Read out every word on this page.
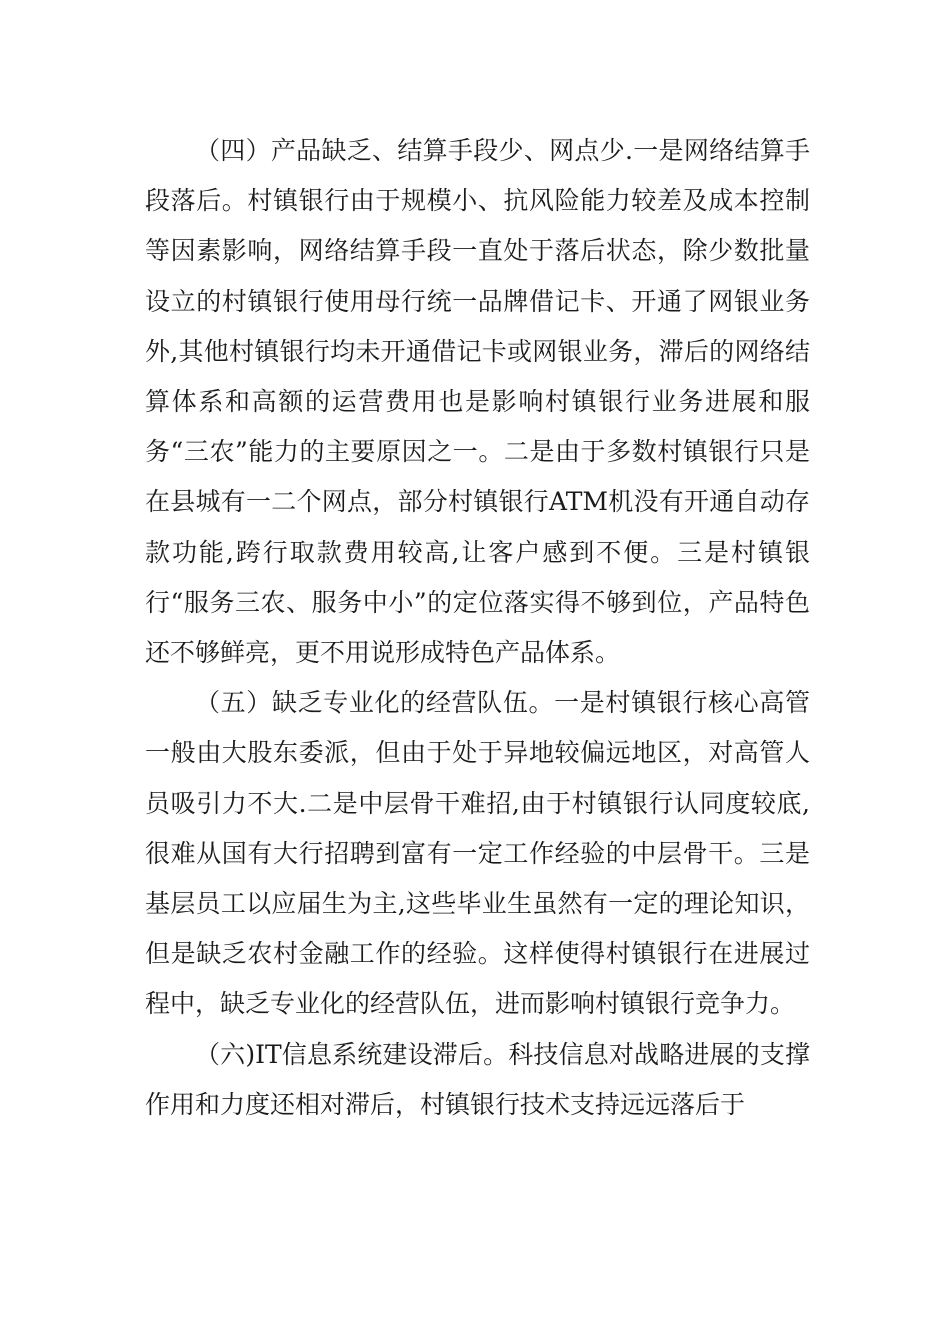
（四）产品缺乏、结算手段少、网点少.一是网络结算手段落后。村镇银行由于规模小、抗风险能力较差及成本控制等因素影响，网络结算手段一直处于落后状态，除少数批量设立的村镇银行使用母行统一品牌借记卡、开通了网银业务外,其他村镇银行均未开通借记卡或网银业务，滞后的网络结算体系和高额的运营费用也是影响村镇银行业务进展和服务“三农”能力的主要原因之一。二是由于多数村镇银行只是在县城有一二个网点，部分村镇银行ATM机没有开通自动存款功能,跨行取款费用较高,让客户感到不便。三是村镇银行“服务三农、服务中小”的定位落实得不够到位，产品特色还不够鲜亮，更不用说形成特色产品体系。

（五）缺乏专业化的经营队伍。一是村镇银行核心高管一般由大股东委派，但由于处于异地较偏远地区，对高管人员吸引力不大.二是中层骨干难招,由于村镇银行认同度较底,很难从国有大行招聘到富有一定工作经验的中层骨干。三是基层员工以应届生为主,这些毕业生虽然有一定的理论知识，但是缺乏农村金融工作的经验。这样使得村镇银行在进展过程中，缺乏专业化的经营队伍，进而影响村镇银行竞争力。

（六)IT信息系统建设滞后。科技信息对战略进展的支撑作用和力度还相对滞后，村镇银行技术支持远远落后于
